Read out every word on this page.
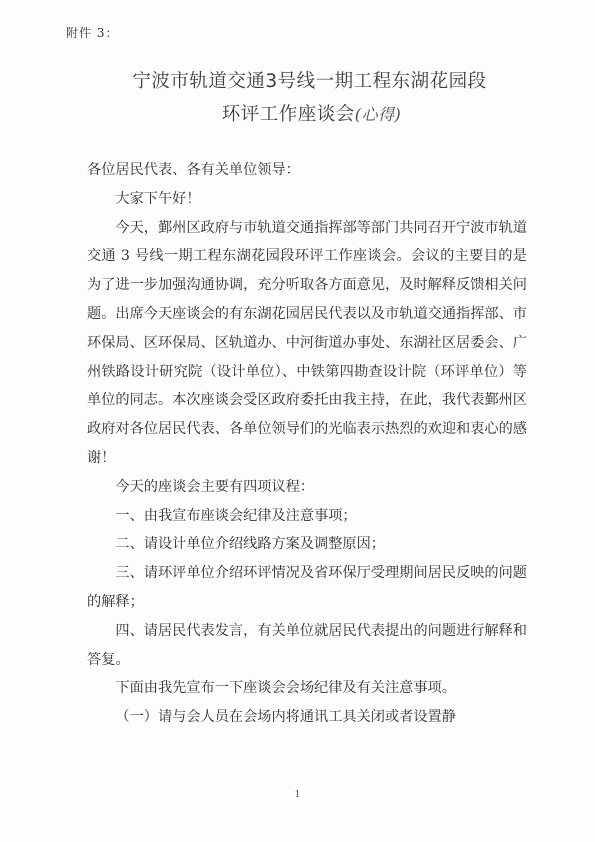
附件 3：
宁波市轨道交通3号线一期工程东湖花园段
环评工作座谈会(心得)

各位居民代表、各有关单位领导：

大家下午好！

今天，鄞州区政府与市轨道交通指挥部等部门共同召开宁波市轨道交通 3 号线一期工程东湖花园段环评工作座谈会。会议的主要目的是为了进一步加强沟通协调，充分听取各方面意见，及时解释反馈相关问题。出席今天座谈会的有东湖花园居民代表以及市轨道交通指挥部、市环保局、区环保局、区轨道办、中河街道办事处、东湖社区居委会、广州铁路设计研究院（设计单位）、中铁第四勘查设计院（环评单位）等单位的同志。本次座谈会受区政府委托由我主持，在此，我代表鄞州区政府对各位居民代表、各单位领导们的光临表示热烈的欢迎和衷心的感谢！

今天的座谈会主要有四项议程：

一、由我宣布座谈会纪律及注意事项；

二、请设计单位介绍线路方案及调整原因；

三、请环评单位介绍环评情况及省环保厅受理期间居民反映的问题的解释；

四、请居民代表发言，有关单位就居民代表提出的问题进行解释和答复。

下面由我先宣布一下座谈会会场纪律及有关注意事项。

（一）请与会人员在会场内将通讯工具关闭或者设置静

1
